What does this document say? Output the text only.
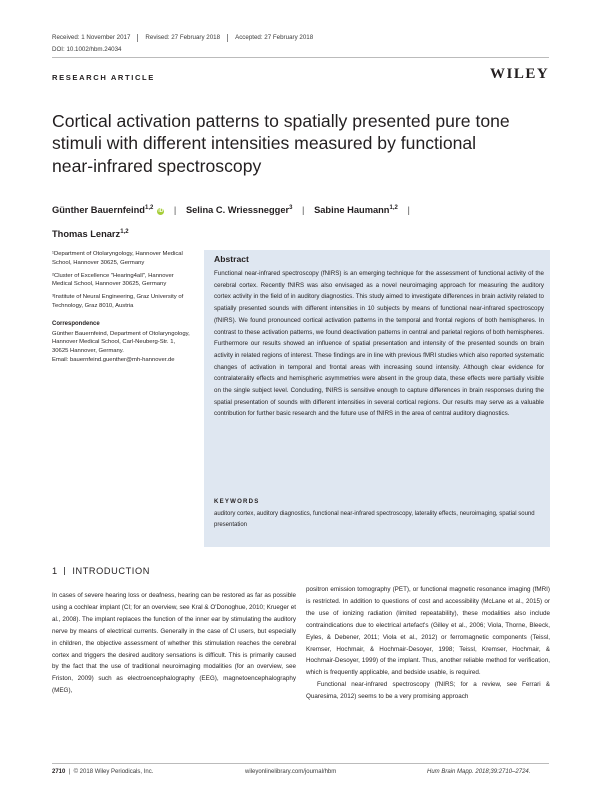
Received: 1 November 2017 Revised: 27 February 2018 Accepted: 27 February 2018
DOI: 10.1002/hbm.24034
RESEARCH ARTICLE	WILEY
Cortical activation patterns to spatially presented pure tone stimuli with different intensities measured by functional near-infrared spectroscopy
Günther Bauernfeind$^{1,2}$iD | Selina C. Wriessnegger$^3$ | Sabine Haumann$^{1,2}$ |
Thomas Lenarz$^{1,2}$

¹Department of Otolaryngology, Hannover Medical School, Hannover 30625, Germany

²Cluster of Excellence "Hearing4all", Hannover Medical School, Hannover 30625, Germany

³Institute of Neural Engineering, Graz University of Technology, Graz 8010, Austria

Correspondence

Günther Bauernfeind, Department of Otolaryngology, Hannover Medical School, Carl-Neuberg-Str. 1, 30625 Hannover, Germany.

Email: bauernfeind.guenther@mh-hannover.de

Abstract

Functional near-infrared spectroscopy (fNIRS) is an emerging technique for the assessment of functional activity of the cerebral cortex. Recently fNIRS was also envisaged as a novel neuroimaging approach for measuring the auditory cortex activity in the field of in auditory diagnostics. This study aimed to investigate differences in brain activity related to spatially presented sounds with different intensities in 10 subjects by means of functional near-infrared spectroscopy (fNIRS). We found pronounced cortical activation patterns in the temporal and frontal regions of both hemispheres. In contrast to these activation patterns, we found deactivation patterns in central and parietal regions of both hemispheres. Furthermore our results showed an influence of spatial presentation and intensity of the presented sounds on brain activity in related regions of interest. These findings are in line with previous fMRI studies which also reported systematic changes of activation in temporal and frontal areas with increasing sound intensity. Although clear evidence for contralaterality effects and hemispheric asymmetries were absent in the group data, these effects were partially visible on the single subject level. Concluding, fNIRS is sensitive enough to capture differences in brain responses during the spatial presentation of sounds with different intensities in several cortical regions. Our results may serve as a valuable contribution for further basic research and the future use of fNIRS in the area of central auditory diagnostics.

KEYWORDS
auditory cortex, auditory diagnostics, functional near-infrared spectroscopy, laterality effects, neuroimaging, spatial sound presentation
1 INTRODUCTION

In cases of severe hearing loss or deafness, hearing can be restored as far as possible using a cochlear implant (CI; for an overview, see Kral & O'Donoghue, 2010; Krueger et al., 2008). The implant replaces the function of the inner ear by stimulating the auditory nerve by means of electrical currents. Generally in the case of CI users, but especially in children, the objective assessment of whether this stimulation reaches the cerebral cortex and triggers the desired auditory sensations is difficult. This is primarily caused by the fact that the use of traditional neuroimaging modalities (for an overview, see Friston, 2009) such as electroencephalography (EEG), magnetoencephalography (MEG),

positron emission tomography (PET), or functional magnetic resonance imaging (fMRI) is restricted. In addition to questions of cost and accessibility (McLane et al., 2015) or the use of ionizing radiation (limited repeatability), these modalities also include contraindications due to electrical artefact's (Gilley et al., 2006; Viola, Thorne, Bleeck, Eyles, & Debener, 2011; Viola et al., 2012) or ferromagnetic components (Teissl, Kremser, Hochmair, & Hochmair-Desoyer, 1998; Teissl, Kremser, Hochmair, & Hochmair-Desoyer, 1999) of the implant. Thus, another reliable method for verification, which is frequently applicable, and bedside usable, is required.

Functional near-infrared spectroscopy (fNIRS; for a review, see Ferrari & Quaresima, 2012) seems to be a very promising approach

2710  |  © 2018 Wiley Periodicals, Inc.	wileyonlinelibrary.com/journal/hbm	Hum Brain Mapp. 2018;39:2710–2724.
